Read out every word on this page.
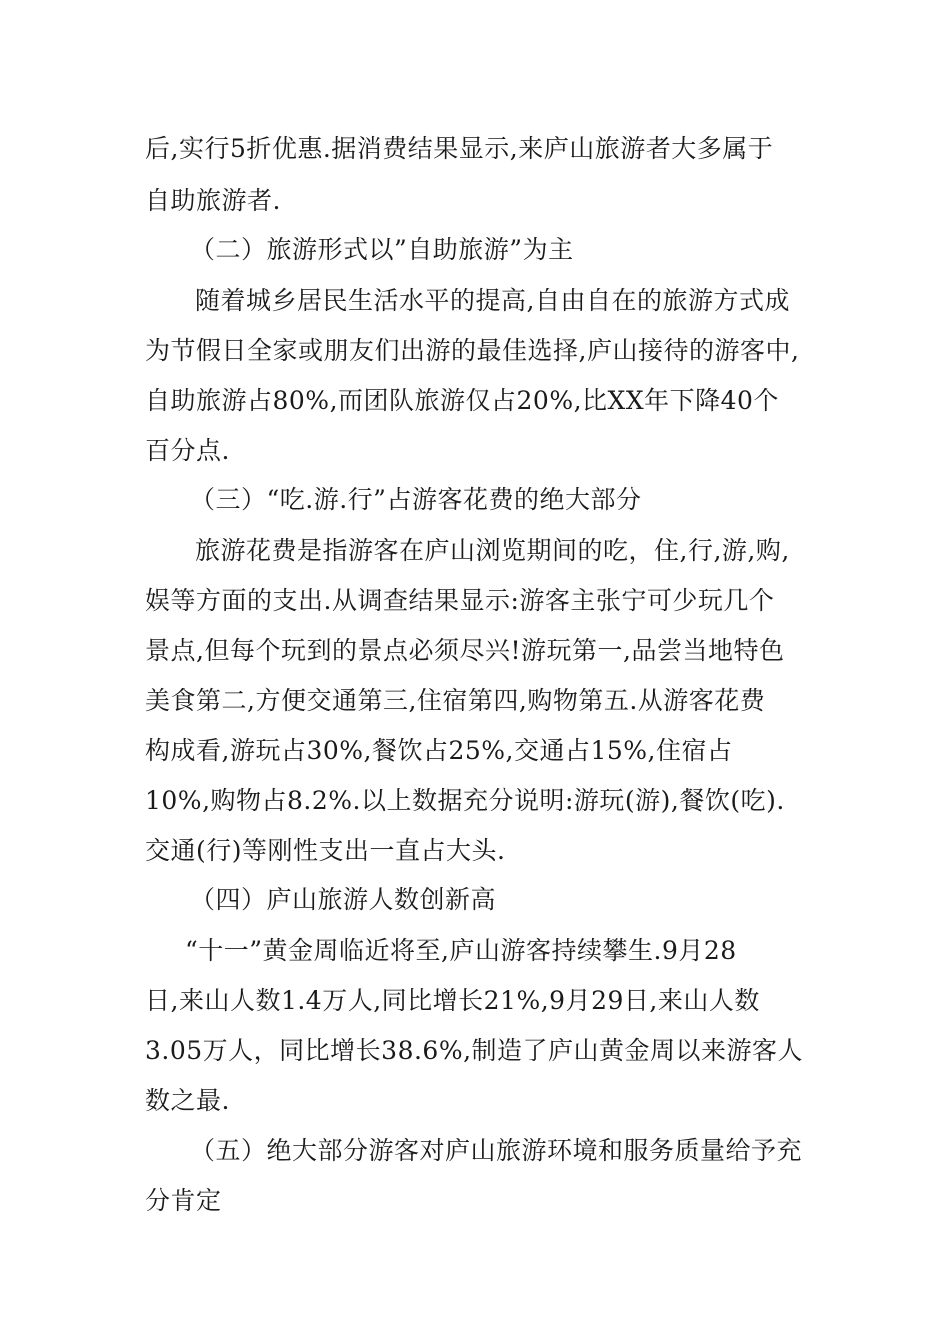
后,实行5折优惠.据消费结果显示,来庐山旅游者大多属于

自助旅游者.

（二）旅游形式以”自助旅游”为主

随着城乡居民生活水平的提高,自由自在的旅游方式成

为节假日全家或朋友们出游的最佳选择,庐山接待的游客中,

自助旅游占80%,而团队旅游仅占20%,比XX年下降40个

百分点.

（三）“吃.游.行”占游客花费的绝大部分

旅游花费是指游客在庐山浏览期间的吃，住,行,游,购,

娱等方面的支出.从调查结果显示:游客主张宁可少玩几个

景点,但每个玩到的景点必须尽兴!游玩第一,品尝当地特色

美食第二,方便交通第三,住宿第四,购物第五.从游客花费

构成看,游玩占30%,餐饮占25%,交通占15%,住宿占

10%,购物占8.2%.以上数据充分说明:游玩(游),餐饮(吃).

交通(行)等刚性支出一直占大头.

（四）庐山旅游人数创新高

“十一”黄金周临近将至,庐山游客持续攀生.9月28

日,来山人数1.4万人,同比增长21%,9月29日,来山人数

3.05万人，同比增长38.6%,制造了庐山黄金周以来游客人

数之最.

（五）绝大部分游客对庐山旅游环境和服务质量给予充

分肯定
